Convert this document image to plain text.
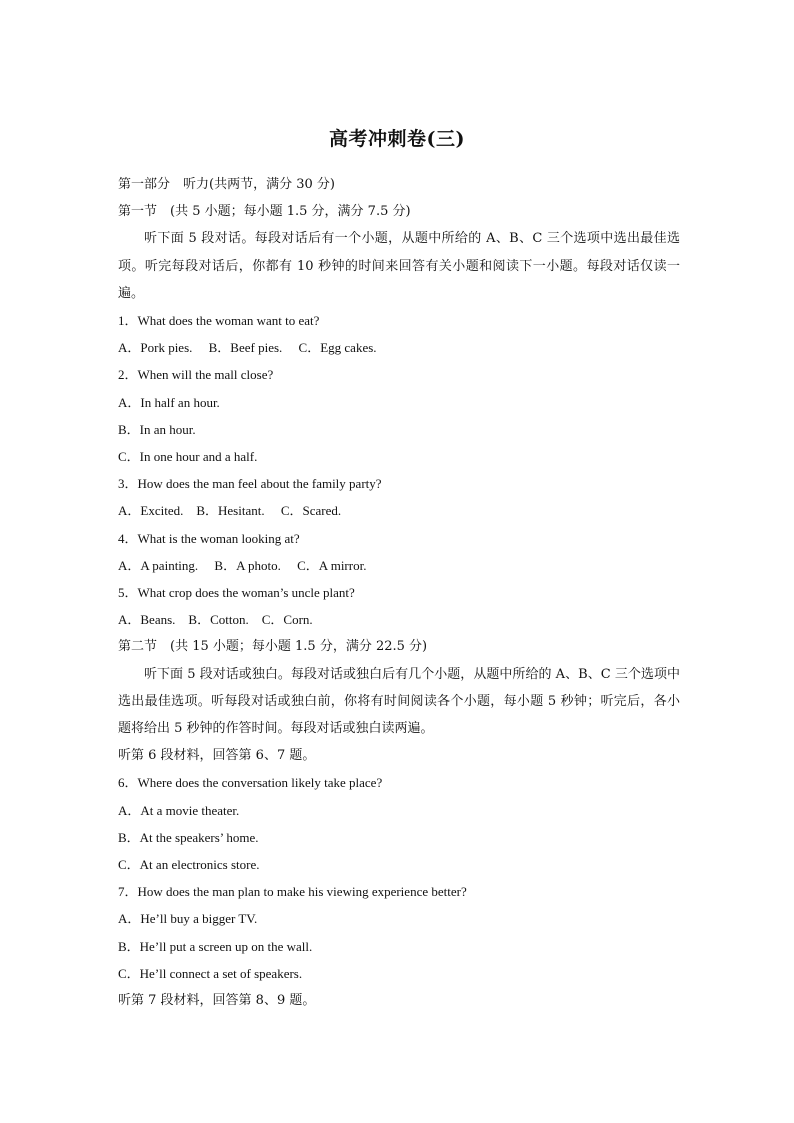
高考冲刺卷(三)
第一部分　听力(共两节，满分 30 分)
第一节　(共 5 小题；每小题 1.5 分，满分 7.5 分)
听下面 5 段对话。每段对话后有一个小题，从题中所给的 A、B、C 三个选项中选出最佳选项。听完每段对话后，你都有 10 秒钟的时间来回答有关小题和阅读下一小题。每段对话仅读一遍。
1．What does the woman want to eat?
A．Pork pies.　 B．Beef pies.　 C．Egg cakes.
2．When will the mall close?
A．In half an hour.
B．In an hour.
C．In one hour and a half.
3．How does the man feel about the family party?
A．Excited.　B．Hesitant.　 C．Scared.
4．What is the woman looking at?
A．A painting.　 B．A photo.　 C．A mirror.
5．What crop does the woman’s uncle plant?
A．Beans.　B．Cotton.　C．Corn.
第二节　(共 15 小题；每小题 1.5 分，满分 22.5 分)
听下面 5 段对话或独白。每段对话或独白后有几个小题，从题中所给的 A、B、C 三个选项中选出最佳选项。听每段对话或独白前，你将有时间阅读各个小题，每小题 5 秒钟；听完后，各小题将给出 5 秒钟的作答时间。每段对话或独白读两遍。
听第 6 段材料，回答第 6、7 题。
6．Where does the conversation likely take place?
A．At a movie theater.
B．At the speakers’ home.
C．At an electronics store.
7．How does the man plan to make his viewing experience better?
A．He’ll buy a bigger TV.
B．He’ll put a screen up on the wall.
C．He’ll connect a set of speakers.
听第 7 段材料，回答第 8、9 题。
